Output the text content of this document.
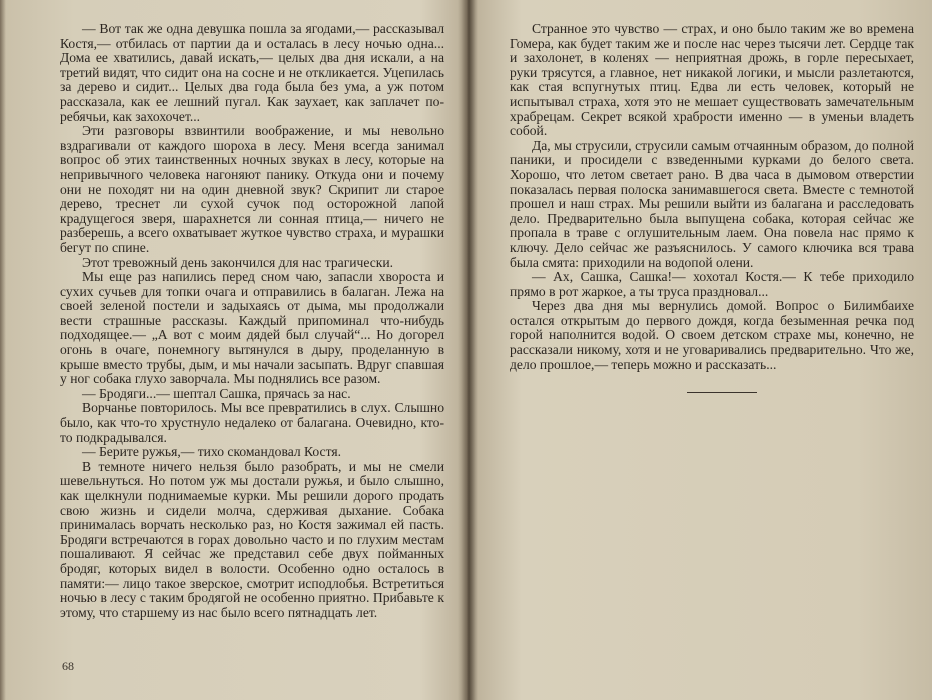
— Вот так же одна девушка пошла за ягодами,— рассказывал Костя,— отбилась от партии да и осталась в лесу ночью одна... Дома ее хватились, давай искать,— целых два дня искали, а на третий видят, что сидит она на сосне и не откликается. Уцепилась за дерево и сидит... Целых два года была без ума, а уж потом рассказала, как ее лешний пугал. Как заухает, как заплачет по-ребячьи, как захохочет...

Эти разговоры взвинтили воображение, и мы невольно вздрагивали от каждого шороха в лесу. Меня всегда занимал вопрос об этих таинственных ночных звуках в лесу, которые на непривычного человека нагоняют панику. Откуда они и почему они не походят ни на один дневной звук? Скрипит ли старое дерево, треснет ли сухой сучок под осторожной лапой крадущегося зверя, шарахнется ли сонная птица,— ничего не разберешь, а всего охватывает жуткое чувство страха, и мурашки бегут по спине.

Этот тревожный день закончился для нас трагически.

Мы еще раз напились перед сном чаю, запасли хвороста и сухих сучьев для топки очага и отправились в балаган. Лежа на своей зеленой постели и задыхаясь от дыма, мы продолжали вести страшные рассказы. Каждый припоминал что-нибудь подходящее.— „А вот с моим дядей был случай“... Но догорел огонь в очаге, понемногу вытянулся в дыру, проделанную в крыше вместо трубы, дым, и мы начали засыпать. Вдруг спавшая у ног собака глухо заворчала. Мы поднялись все разом.

— Бродяги...— шептал Сашка, прячась за нас.

Ворчанье повторилось. Мы все превратились в слух. Слышно было, как что-то хрустнуло недалеко от балагана. Очевидно, кто-то подкрадывался.

— Берите ружья,— тихо скомандовал Костя.

В темноте ничего нельзя было разобрать, и мы не смели шевельнуться. Но потом уж мы достали ружья, и было слышно, как щелкнули поднимаемые курки. Мы решили дорого продать свою жизнь и сидели молча, сдерживая дыхание. Собака принималась ворчать несколько раз, но Костя зажимал ей пасть. Бродяги встречаются в горах довольно часто и по глухим местам пошаливают. Я сейчас же представил себе двух пойманных бродяг, которых видел в волости. Особенно одно осталось в памяти:— лицо такое зверское, смотрит исподлобья. Встретиться ночью в лесу с таким бродягой не особенно приятно. Прибавьте к этому, что старшему из нас было всего пятнадцать лет.

68

Странное это чувство — страх, и оно было таким же во времена Гомера, как будет таким же и после нас через тысячи лет. Сердце так и захолонет, в коленях — неприятная дрожь, в горле пересыхает, руки трясутся, а главное, нет никакой логики, и мысли разлетаются, как стая вспугнутых птиц. Едва ли есть человек, который не испытывал страха, хотя это не мешает существовать замечательным храбрецам. Секрет всякой храбрости именно — в уменьи владеть собой.

Да, мы струсили, струсили самым отчаянным образом, до полной паники, и просидели с взведенными курками до белого света. Хорошо, что летом светает рано. В два часа в дымовом отверстии показалась первая полоска занимавшегося света. Вместе с темнотой прошел и наш страх. Мы решили выйти из балагана и расследовать дело. Предварительно была выпущена собака, которая сейчас же пропала в траве с оглушительным лаем. Она повела нас прямо к ключу. Дело сейчас же разъяснилось. У самого ключика вся трава была смята: приходили на водопой олени.

— Ах, Сашка, Сашка!— хохотал Костя.— К тебе приходило прямо в рот жаркое, а ты труса праздновал...

Через два дня мы вернулись домой. Вопрос о Билимбаихе остался открытым до первого дождя, когда безыменная речка под горой наполнится водой. О своем детском страхе мы, конечно, не рассказали никому, хотя и не уговаривались предварительно. Что же, дело прошлое,— теперь можно и рассказать...
